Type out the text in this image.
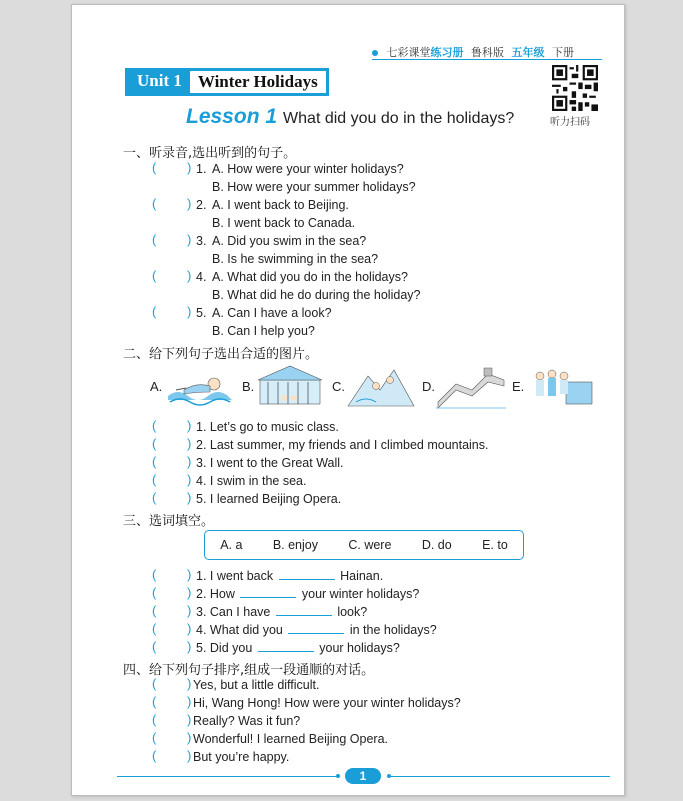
七彩课堂练习册 鲁科版 五年级 下册
Unit 1 Winter Holidays
听力扫码
Lesson 1 What did you do in the holidays?
一、听录音,选出听到的句子。
( ) 1. A. How were your winter holidays?
B. How were your summer holidays?
( ) 2. A. I went back to Beijing.
B. I went back to Canada.
( ) 3. A. Did you swim in the sea?
B. Is he swimming in the sea?
( ) 4. A. What did you do in the holidays?
B. What did he do during the holiday?
( ) 5. A. Can I have a look?
B. Can I help you?
二、给下列句子选出合适的图片。
A.	B.	C.	D.	E.
( ) 1. Let’s go to music class.
( ) 2. Last summer, my friends and I climbed mountains.
( ) 3. I went to the Great Wall.
( ) 4. I swim in the sea.
( ) 5. I learned Beijing Opera.
三、选词填空。
A. a B. enjoy C. were D. do E. to
( ) 1. I went back	Hainan.
( ) 2. How	your winter holidays?
( ) 3. Can I have	look?
( ) 4. What did you	in the holidays?
( ) 5. Did you	your holidays?
四、给下列句子排序,组成一段通顺的对话。
( ) Yes, but a little difficult.
( ) Hi, Wang Hong! How were your winter holidays?
( ) Really? Was it fun?
( ) Wonderful! I learned Beijing Opera.
( ) But you’re happy.
1
